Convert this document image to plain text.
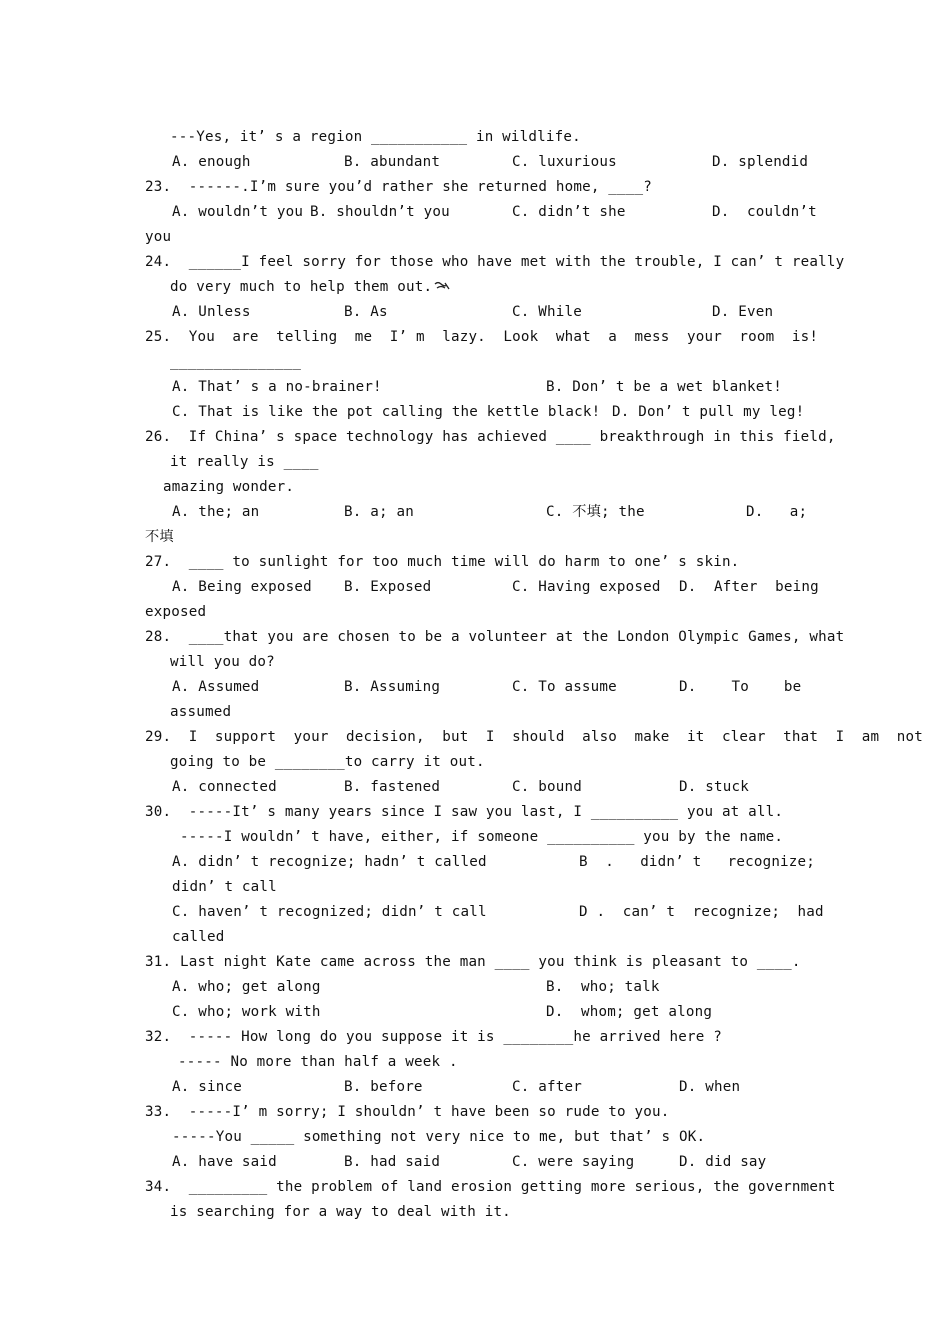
---Yes, it’ s a region ___________ in wildlife.
A. enough	B. abundant	C. luxurious	D. splendid
23.  ------.I’m sure you’d rather she returned home, ____?
A. wouldn’t you B. shouldn’t you	C. didn’t she	D.  couldn’t
you
24.  ______I feel sorry for those who have met with the trouble, I can’ t really
do very much to help them out.
A. Unless	B. As	C. While	D. Even
25.  You  are  telling  me  I’ m  lazy.  Look  what  a  mess  your  room  is!
_______________
A. That’ s a no-brainer!	B. Don’ t be a wet blanket!
C. That is like the pot calling the kettle black! D. Don’ t pull my leg!
26.  If China’ s space technology has achieved ____ breakthrough in this field,
it really is ____
amazing wonder.
A. the; an	B. a; an	C. 不填; the	D.   a;
不填
27.  ____ to sunlight for too much time will do harm to one’ s skin.
A. Being exposed B. Exposed	C. Having exposed D.  After  being
exposed
28.  ____that you are chosen to be a volunteer at the London Olympic Games, what
will you do?
A. Assumed	B. Assuming	C. To assume	D.    To    be
assumed
29.  I  support  your  decision,  but  I  should  also  make  it  clear  that  I  am  not
going to be ________to carry it out.
A. connected	B. fastened	C. bound	D. stuck
30.  -----It’ s many years since I saw you last, I __________ you at all.
-----I wouldn’ t have, either, if someone __________ you by the name.
A. didn’ t recognize; hadn’ t called	B  .   didn’ t   recognize;
didn’ t call
C. haven’ t recognized; didn’ t call	D .  can’ t  recognize;  had
called
31. Last night Kate came across the man ____ you think is pleasant to ____.
A. who; get along	B.  who; talk
C. who; work with	D.  whom; get along
32.  ----- How long do you suppose it is ________he arrived here ?
----- No more than half a week .
A. since	B. before	C. after	D. when
33.  -----I’ m sorry; I shouldn’ t have been so rude to you.
-----You _____ something not very nice to me, but that’ s OK.
A. have said	B. had said	C. were saying	D. did say
34.  _________ the problem of land erosion getting more serious, the government
is searching for a way to deal with it.
